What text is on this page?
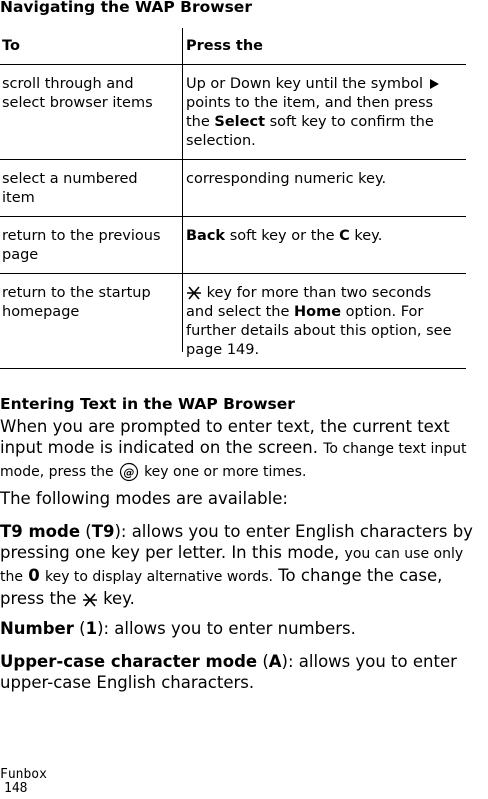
Navigating the WAP Browser
To	Press the
scroll through and select browser items	Up or Down key until the symbol  points to the item, and then press the Select soft key to confirm the selection.
select a numbered item	corresponding numeric key.
return to the previous page	Back soft key or the C key.
return to the startup homepage	key for more than two seconds and select the Home option. For further details about this option, see page 149.
Entering Text in the WAP Browser
When you are prompted to enter text, the current text input mode is indicated on the screen. To change text input mode, press the @ key one or more times.
The following modes are available:
T9 mode (T9): allows you to enter English characters by pressing one key per letter. In this mode, you can use only the 0 key to display alternative words. To change the case, press the key.
Number (1): allows you to enter numbers.
Upper-case character mode (A): allows you to enter upper-case English characters.
Funbox
148
